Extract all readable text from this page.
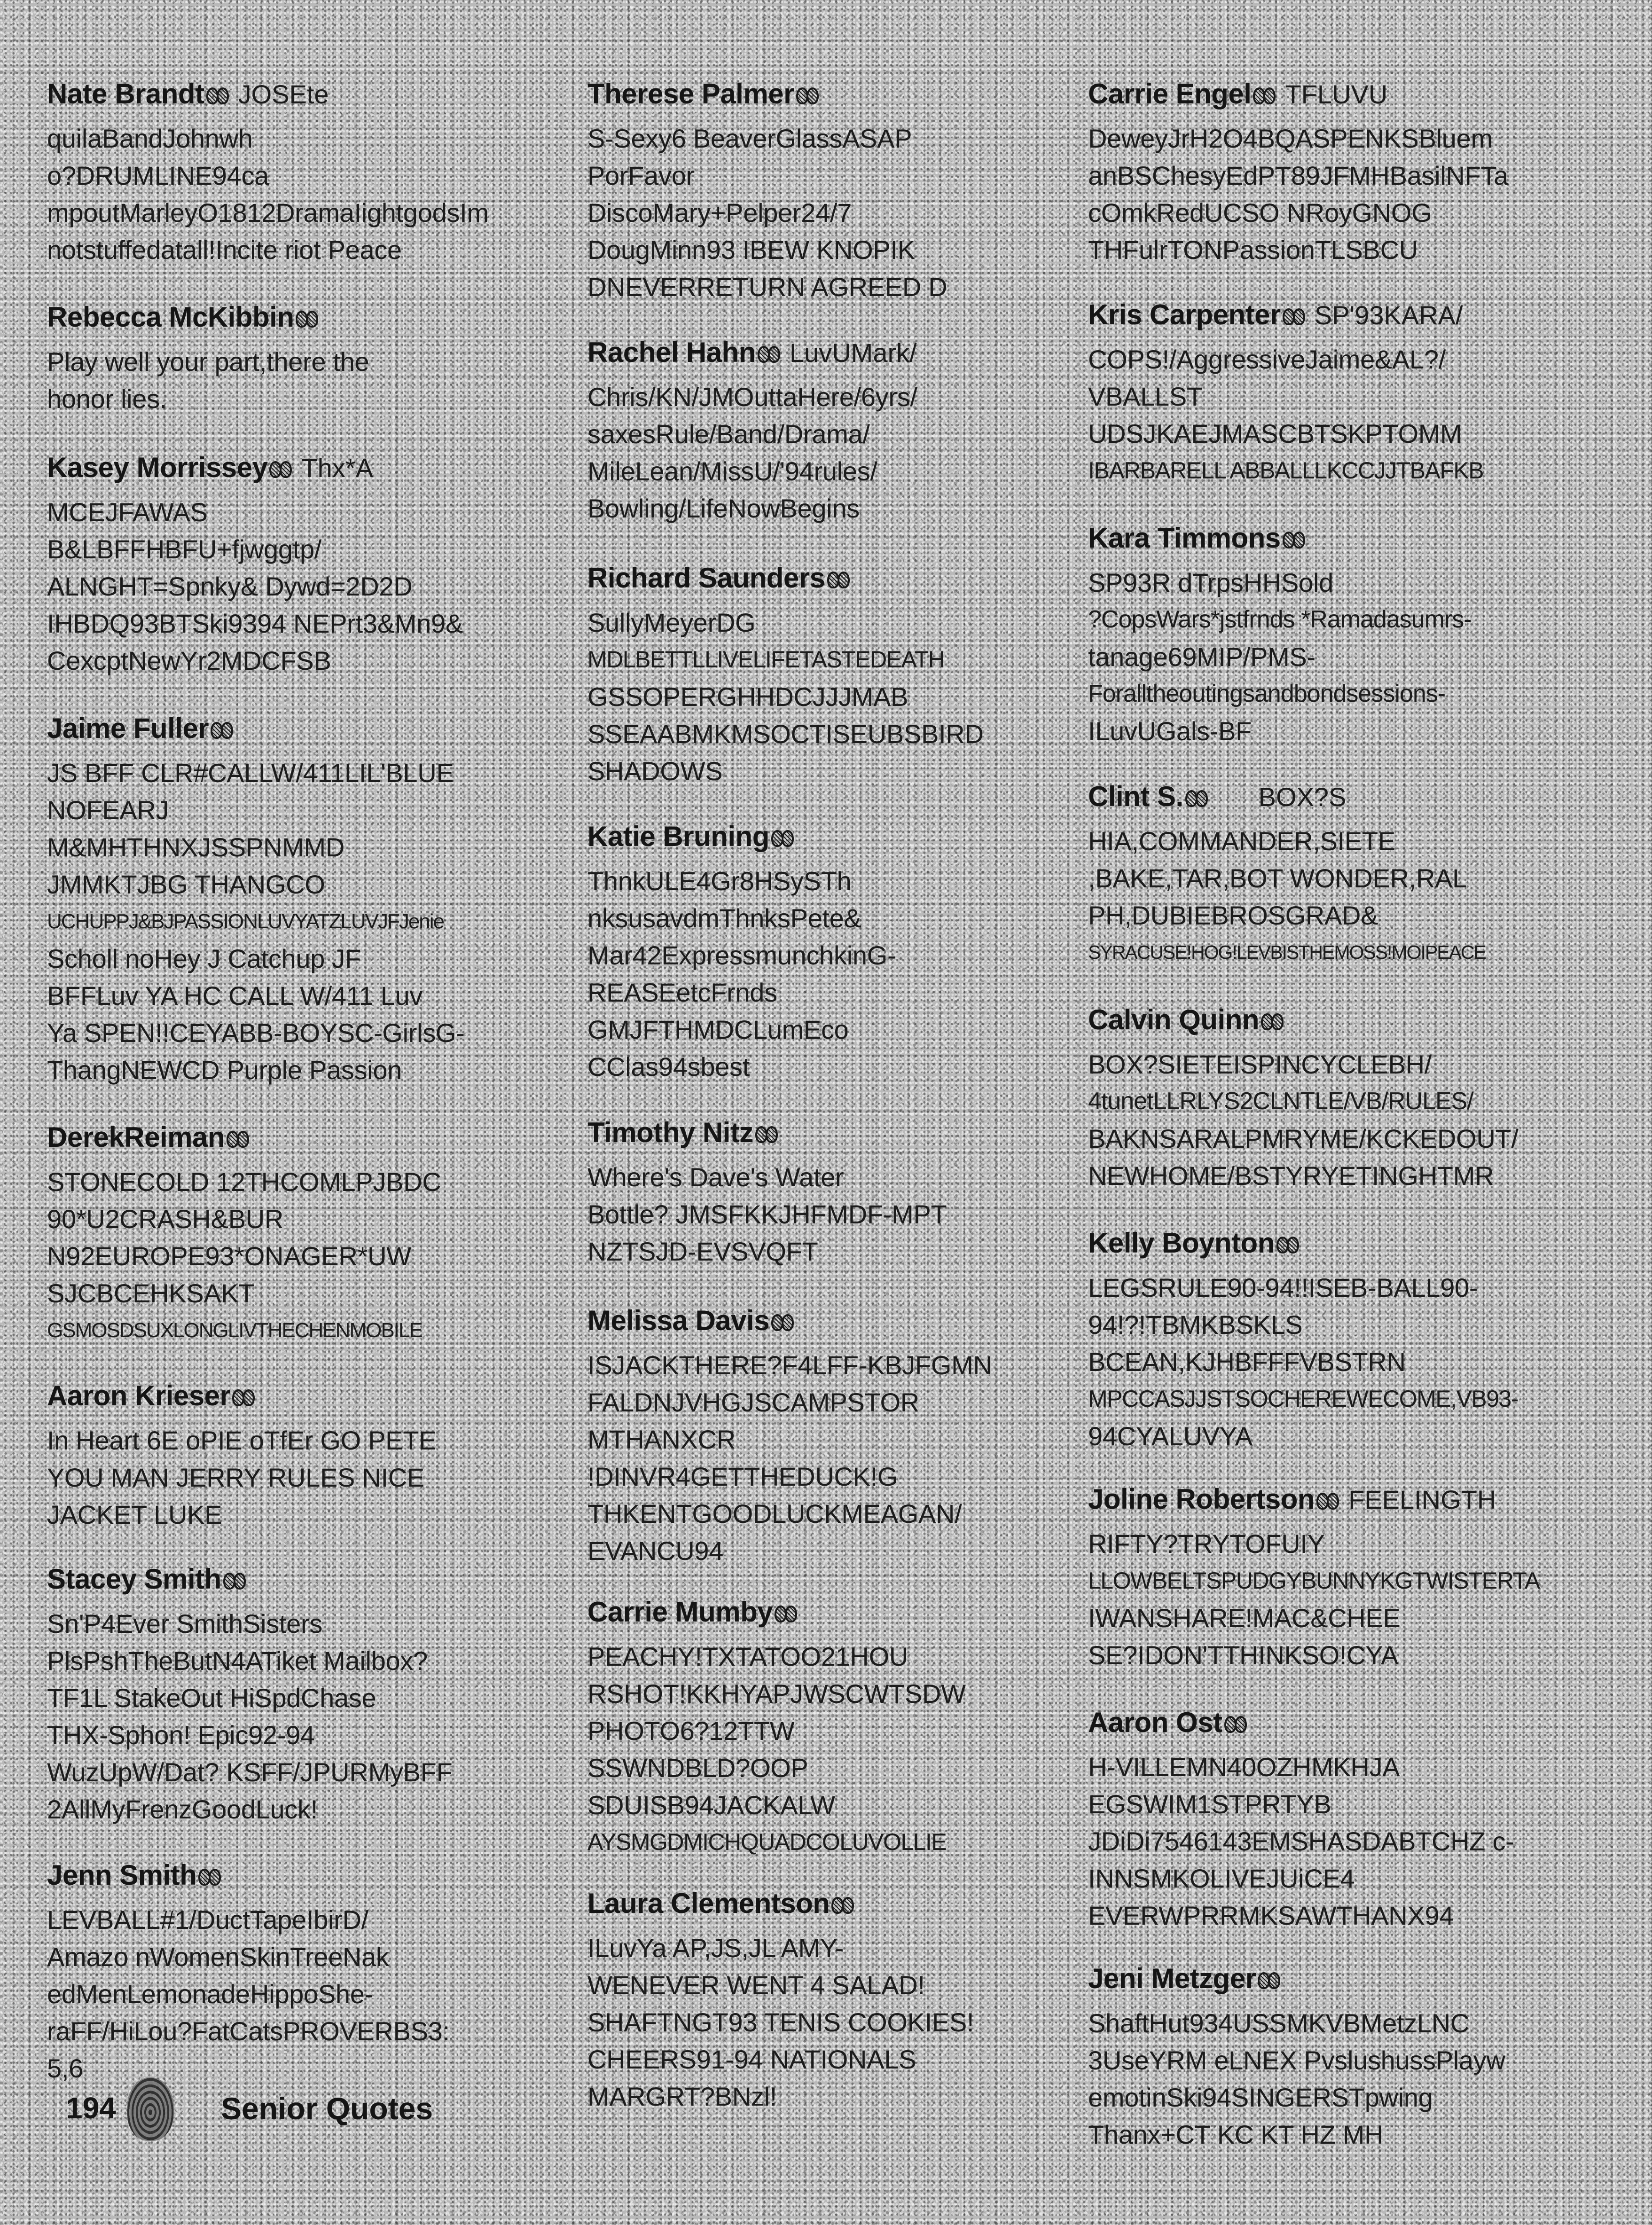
Nate Brandt JOSEte
quilaBandJohnwh
o?DRUMLINE94ca
mpoutMarleyO1812DramaIightgodsIm
notstuffedatall!Incite riot Peace
Rebecca McKibbin
Play well your part,there the
honor lies.
Kasey Morrissey Thx*A
MCEJFAWAS
B&LBFFHBFU+fjwggtp/
ALNGHT=Spnky& Dywd=2D2D
IHBDQ93BTSki9394 NEPrt3&Mn9&
CexcptNewYr2MDCFSB
Jaime Fuller
JS BFF CLR#CALLW/411LIL'BLUE
NOFEARJ
M&MHTHNXJSSPNMMD
JMMKTJBG THANGCO
UCHUPPJ&BJPASSIONLUVYATZLUVJFJenie
Scholl noHey J Catchup JF
BFFLuv YA HC CALL W/411 Luv
Ya SPEN!!CEYABB-BOYSC-GirlsG-
ThangNEWCD Purple Passion
DerekReiman
STONECOLD 12THCOMLPJBDC
90*U2CRASH&BUR
N92EUROPE93*ONAGER*UW
SJCBCEHKSAKT
GSMOSDSUXLONGLIVTHECHENMOBILE
Aaron Krieser
In Heart 6E oPIE oTfEr GO PETE
YOU MAN JERRY RULES NICE
JACKET LUKE
Stacey Smith
Sn'P4Ever SmithSisters
PlsPshTheButN4ATiket Mailbox?
TF1L StakeOut HiSpdChase
THX-Sphon! Epic92-94
WuzUpW/Dat? KSFF/JPURMyBFF
2AllMyFrenzGoodLuck!
Jenn Smith
LEVBALL#1/DuctTapeIbirD/
Amazo nWomenSkinTreeNak
edMenLemonadeHippoShe-
raFF/HiLou?FatCatsPROVERBS3:
5,6
Therese Palmer
S-Sexy6 BeaverGlassASAP
PorFavor
DiscoMary+Pelper24/7
DougMinn93 IBEW KNOPIK
DNEVERRETURN AGREED D
Rachel Hahn LuvUMark/
Chris/KN/JMOuttaHere/6yrs/
saxesRule/Band/Drama/
MileLean/MissU/'94rules/
Bowling/LifeNowBegins
Richard Saunders
SullyMeyerDG
MDLBETTLLIVELIFETASTEDEATH
GSSOPERGHHDCJJJMAB
SSEAABMKMSOCTISEUBSBIRD
SHADOWS
Katie Bruning
ThnkULE4Gr8HSySTh
nksusavdmThnksPete&
Mar42ExpressmunchkinG-
REASEetcFrnds
GMJFTHMDCLumEco
CClas94sbest
Timothy Nitz
Where's Dave's Water
Bottle? JMSFKKJHFMDF-MPT
NZTSJD-EVSVQFT
Melissa Davis
ISJACKTHERE?F4LFF-KBJFGMN
FALDNJVHGJSCAMPSTOR
MTHANXCR
!DINVR4GETTHEDUCK!G
THKENTGOODLUCKMEAGAN/
EVANCU94
Carrie Mumby
PEACHY!TXTATOO21HOU
RSHOT!KKHYAPJWSCWTSDW
PHOTO6?12TTW
SSWNDBLD?OOP
SDUISB94JACKALW
AYSMGDMICHQUADCOLUVOLLIE
Laura Clementson
ILuvYa AP,JS,JL AMY-
WENEVER WENT 4 SALAD!
SHAFTNGT93 TENIS COOKIES!
CHEERS91-94 NATIONALS
MARGRT?BNzl!
Carrie Engel TFLUVU
DeweyJrH2O4BQASPENKSBluem
anBSChesyEdPT89JFMHBasilNFTa
cOmkRedUCSO NRoyGNOG
THFulrTONPassionTLSBCU
Kris Carpenter SP'93KARA/
COPS!/AggressiveJaime&AL?/
VBALLST
UDSJKAEJMASCBTSKPTOMM
IBARBARELL ABBALLLKCCJJTBAFKB
Kara Timmons
SP93R dTrpsHHSold
?CopsWars*jstfrnds *Ramadasumrs-
tanage69MIP/PMS-
Foralltheoutingsandbondsessions-
ILuvUGals-BF
Clint S.	BOX?S
HIA,COMMANDER,SIETE
,BAKE,TAR,BOT WONDER,RAL
PH,DUBIEBROSGRAD&
SYRACUSE!HOG!LEVBISTHEMOSS!MOIPEACE
Calvin Quinn
BOX?SIETEISPINCYCLEBH/
4tunetLLRLYS2CLNTLE/VB/RULES/
BAKNSARALPMRYME/KCKEDOUT/
NEWHOME/BSTYRYETINGHTMR
Kelly Boynton
LEGSRULE90-94!!ISEB-BALL90-
94!?!TBMKBSKLS
BCEAN,KJHBFFFVBSTRN
MPCCASJJSTSOCHEREWECOME,VB93-
94CYALUVYA
Joline Robertson FEELINGTH
RIFTY?TRYTOFUIY
LLOWBELTSPUDGYBUNNYKGTWISTERTA
IWANSHARE!MAC&CHEE
SE?IDON'TTHINKSO!CYA
Aaron Ost
H-VILLEMN40OZHMKHJA
EGSWIM1STPRTYB
JDiDi7546143EMSHASDABTCHZ c-
INNSMKOLIVEJUiCE4
EVERWPRRMKSAWTHANX94
Jeni Metzger
ShaftHut934USSMKVBMetzLNC
3UseYRM eLNEX PvslushussPlayw
emotinSki94SINGERSTpwing
Thanx+CT KC KT HZ MH
194	Senior Quotes
